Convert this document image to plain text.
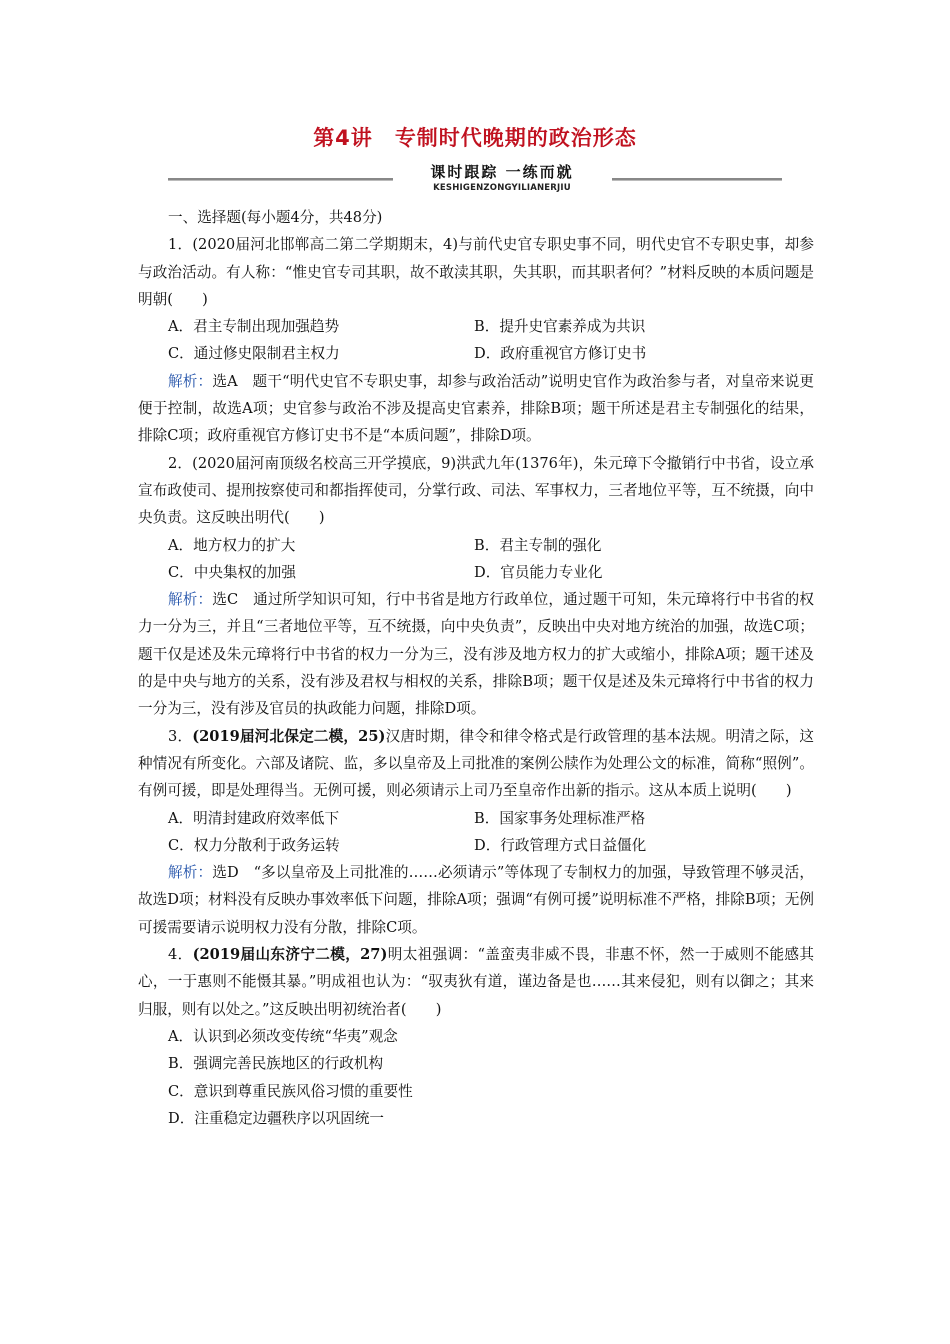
第4讲 专制时代晚期的政治形态
课时跟踪 一练而就
KESHIGENZONGYILIANERJIU

一、选择题(每小题4分，共48分)

1．(2020届河北邯郸高二第二学期期末，4)与前代史官专职史事不同，明代史官不专职史事，却参与政治活动。有人称：“惟史官专司其职，故不敢渎其职，失其职，而其职者何？”材料反映的本质问题是明朝(　　)

A．君主专制出现加强趋势	B．提升史官素养成为共识
C．通过修史限制君主权力	D．政府重视官方修订史书

解析：选A　题干“明代史官不专职史事，却参与政治活动”说明史官作为政治参与者，对皇帝来说更便于控制，故选A项；史官参与政治不涉及提高史官素养，排除B项；题干所述是君主专制强化的结果，排除C项；政府重视官方修订史书不是“本质问题”，排除D项。

2．(2020届河南顶级名校高三开学摸底，9)洪武九年(1376年)，朱元璋下令撤销行中书省，设立承宣布政使司、提刑按察使司和都指挥使司，分掌行政、司法、军事权力，三者地位平等，互不统摄，向中央负责。这反映出明代(　　)

A．地方权力的扩大	B．君主专制的强化
C．中央集权的加强	D．官员能力专业化

解析：选C　通过所学知识可知，行中书省是地方行政单位，通过题干可知，朱元璋将行中书省的权力一分为三，并且“三者地位平等，互不统摄，向中央负责”，反映出中央对地方统治的加强，故选C项；题干仅是述及朱元璋将行中书省的权力一分为三，没有涉及地方权力的扩大或缩小，排除A项；题干述及的是中央与地方的关系，没有涉及君权与相权的关系，排除B项；题干仅是述及朱元璋将行中书省的权力一分为三，没有涉及官员的执政能力问题，排除D项。

3．(2019届河北保定二模，25)汉唐时期，律令和律令格式是行政管理的基本法规。明清之际，这种情况有所变化。六部及诸院、监，多以皇帝及上司批准的案例公牍作为处理公文的标准，简称“照例”。有例可援，即是处理得当。无例可援，则必须请示上司乃至皇帝作出新的指示。这从本质上说明(　　)

A．明清封建政府效率低下	B．国家事务处理标准严格
C．权力分散利于政务运转	D．行政管理方式日益僵化

解析：选D　“多以皇帝及上司批准的……必须请示”等体现了专制权力的加强，导致管理不够灵活，故选D项；材料没有反映办事效率低下问题，排除A项；强调“有例可援”说明标准不严格，排除B项；无例可援需要请示说明权力没有分散，排除C项。

4．(2019届山东济宁二模，27)明太祖强调：“盖蛮夷非威不畏，非惠不怀，然一于威则不能感其心，一于惠则不能慑其暴。”明成祖也认为：“驭夷狄有道，谨边备是也……其来侵犯，则有以御之；其来归服，则有以处之。”这反映出明初统治者(　　)

A．认识到必须改变传统“华夷”观念
B．强调完善民族地区的行政机构
C．意识到尊重民族风俗习惯的重要性
D．注重稳定边疆秩序以巩固统一
